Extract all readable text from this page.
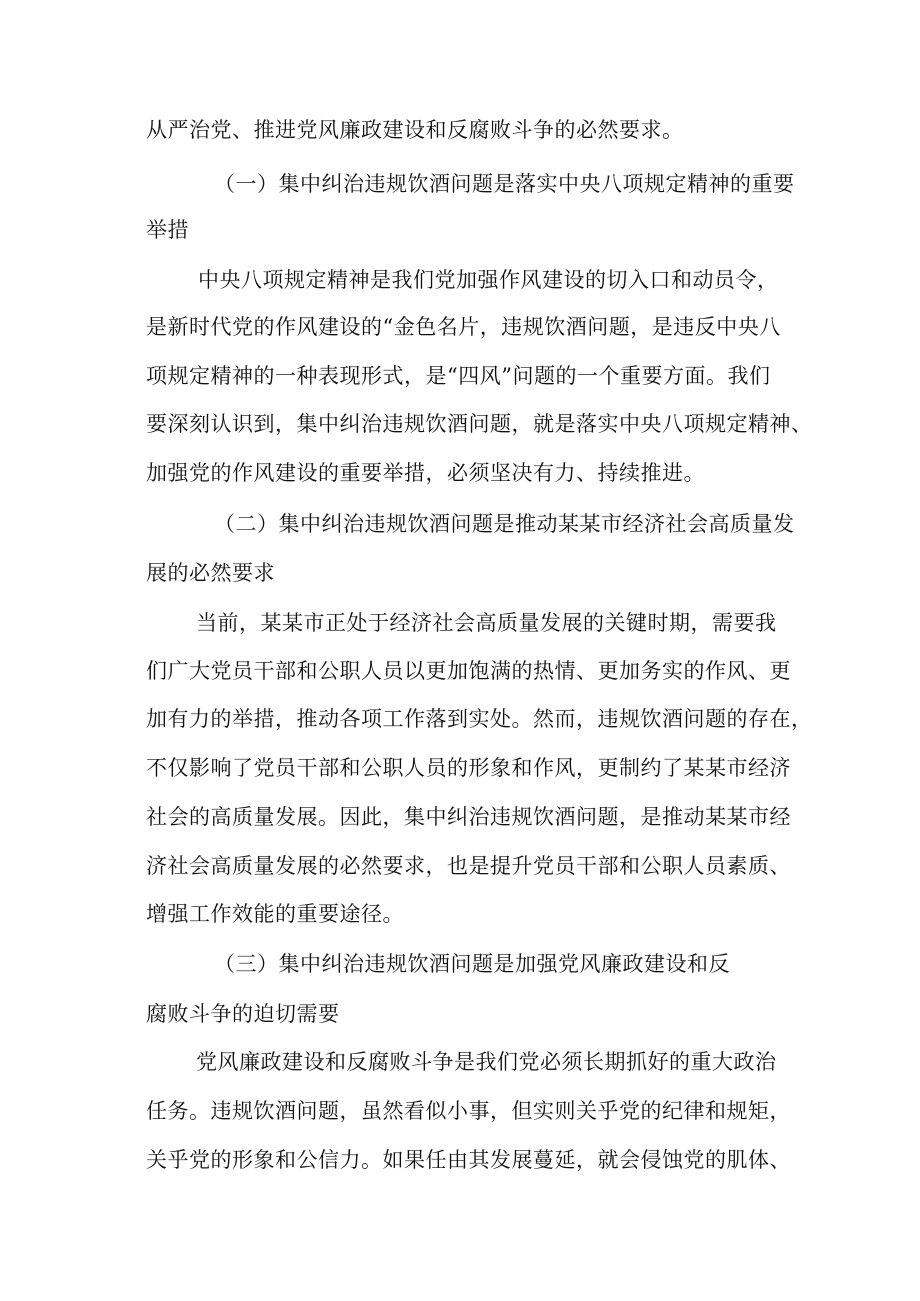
从严治党、推进党风廉政建设和反腐败斗争的必然要求。
（一）集中纠治违规饮酒问题是落实中央八项规定精神的重要
举措
中央八项规定精神是我们党加强作风建设的切入口和动员令，
是新时代党的作风建设的“金色名片，违规饮酒问题，是违反中央八
项规定精神的一种表现形式，是“四风”问题的一个重要方面。我们
要深刻认识到，集中纠治违规饮酒问题，就是落实中央八项规定精神、
加强党的作风建设的重要举措，必须坚决有力、持续推进。
（二）集中纠治违规饮酒问题是推动某某市经济社会高质量发
展的必然要求
当前，某某市正处于经济社会高质量发展的关键时期，需要我
们广大党员干部和公职人员以更加饱满的热情、更加务实的作风、更
加有力的举措，推动各项工作落到实处。然而，违规饮酒问题的存在，
不仅影响了党员干部和公职人员的形象和作风，更制约了某某市经济
社会的高质量发展。因此，集中纠治违规饮酒问题，是推动某某市经
济社会高质量发展的必然要求，也是提升党员干部和公职人员素质、
增强工作效能的重要途径。
（三）集中纠治违规饮酒问题是加强党风廉政建设和反
腐败斗争的迫切需要
党风廉政建设和反腐败斗争是我们党必须长期抓好的重大政治
任务。违规饮酒问题，虽然看似小事，但实则关乎党的纪律和规矩，
关乎党的形象和公信力。如果任由其发展蔓延，就会侵蚀党的肌体、
